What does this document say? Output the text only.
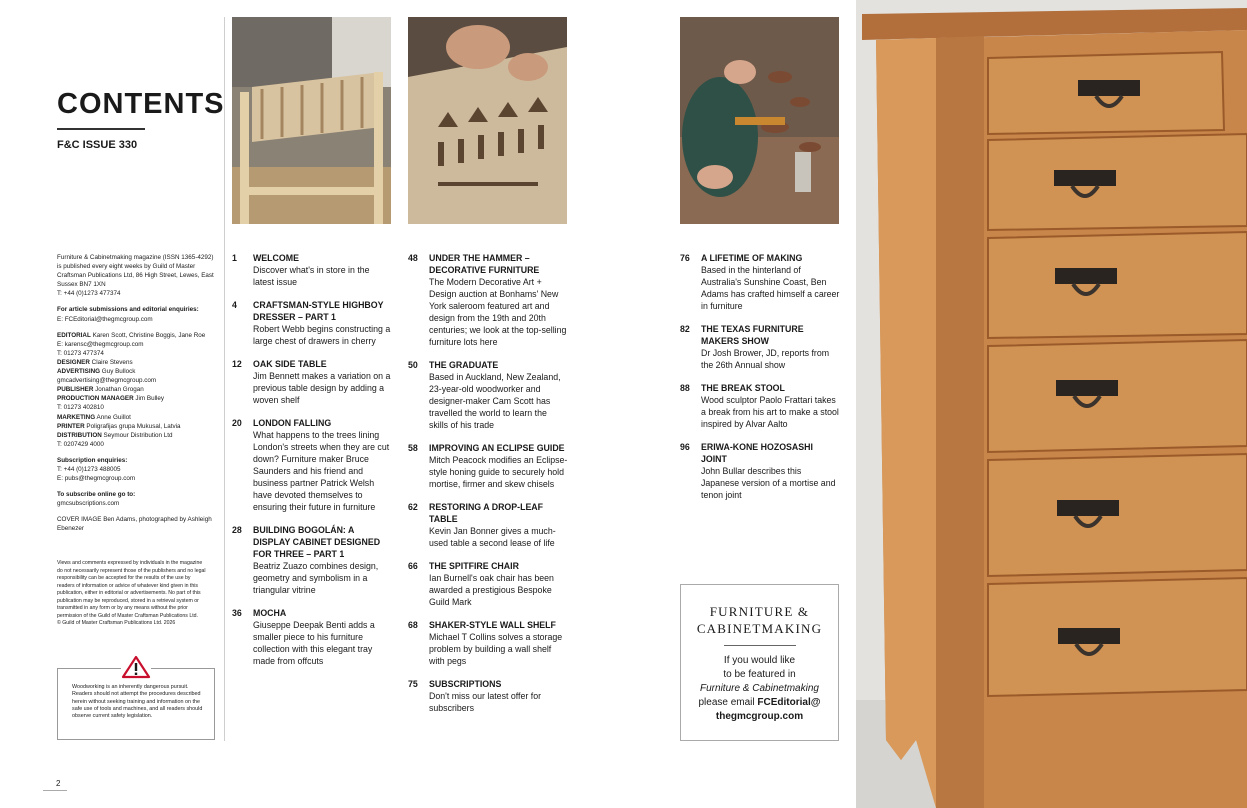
CONTENTS
F&C ISSUE 330

Furniture & Cabinetmaking magazine (ISSN 1365-4292) is published every eight weeks by Guild of Master Craftsman Publications Ltd, 86 High Street, Lewes, East Sussex BN7 1XN
T: +44 (0)1273 477374

For article submissions and editorial enquiries:
E: FCEditorial@thegmcgroup.com

EDITORIAL Karen Scott, Christine Boggis, Jane Roe
E: karensc@thegmcgroup.com
T: 01273 477374
DESIGNER Claire Stevens
ADVERTISING Guy Bullock
gmcadvertising@thegmcgroup.com
PUBLISHER Jonathan Grogan
PRODUCTION MANAGER Jim Bulley
T: 01273 402810
MARKETING Anne Guillot
PRINTER Poligrafijas grupa Mukusal, Latvia
DISTRIBUTION Seymour Distribution Ltd
T: 0207429 4000

Subscription enquiries:
T: +44 (0)1273 488005
E: pubs@thegmcgroup.com

To subscribe online go to:
gmcsubscriptions.com

COVER IMAGE Ben Adams, photographed by Ashleigh Ebenezer

Views and comments expressed by individuals in the magazine do not necessarily represent those of the publishers and no legal responsibility can be accepted for the results of the use by readers of information or advice of whatever kind given in this publication, either in editorial or advertisements. No part of this publication may be reproduced, stored in a retrieval system or transmitted in any form or by any means without the prior permission of the Guild of Master Craftsman Publications Ltd.
© Guild of Master Craftsman Publications Ltd. 2026
Woodworking is an inherently dangerous pursuit. Readers should not attempt the procedures described herein without seeking training and information on the safe use of tools and machines, and all readers should observe current safety legislation.
2
1	WELCOME
Discover what's in store in the latest issue
4	CRAFTSMAN-STYLE HIGHBOY DRESSER – PART 1
Robert Webb begins constructing a large chest of drawers in cherry
12	OAK SIDE TABLE
Jim Bennett makes a variation on a previous table design by adding a woven shelf
20	LONDON FALLING
What happens to the trees lining London's streets when they are cut down? Furniture maker Bruce Saunders and his friend and business partner Patrick Welsh have devoted themselves to ensuring their future in furniture
28	BUILDING BOGOLÁN: A DISPLAY CABINET DESIGNED FOR THREE – PART 1
Beatriz Zuazo combines design, geometry and symbolism in a triangular vitrine
36	MOCHA
Giuseppe Deepak Benti adds a smaller piece to his furniture collection with this elegant tray made from offcuts
48	UNDER THE HAMMER – DECORATIVE FURNITURE
The Modern Decorative Art + Design auction at Bonhams' New York saleroom featured art and design from the 19th and 20th centuries; we look at the top-selling furniture lots here
50	THE GRADUATE
Based in Auckland, New Zealand, 23-year-old woodworker and designer-maker Cam Scott has travelled the world to learn the skills of his trade
58	IMPROVING AN ECLIPSE GUIDE
Mitch Peacock modifies an Eclipse-style honing guide to securely hold mortise, firmer and skew chisels
62	RESTORING A DROP-LEAF TABLE
Kevin Jan Bonner gives a much-used table a second lease of life
66	THE SPITFIRE CHAIR
Ian Burnell's oak chair has been awarded a prestigious Bespoke Guild Mark
68	SHAKER-STYLE WALL SHELF
Michael T Collins solves a storage problem by building a wall shelf with pegs
75	SUBSCRIPTIONS
Don't miss our latest offer for subscribers
76	A LIFETIME OF MAKING
Based in the hinterland of Australia's Sunshine Coast, Ben Adams has crafted himself a career in furniture
82	THE TEXAS FURNITURE MAKERS SHOW
Dr Josh Brower, JD, reports from the 26th Annual show
88	THE BREAK STOOL
Wood sculptor Paolo Frattari takes a break from his art to make a stool inspired by Alvar Aalto
96	ERIWA-KONE HOZOSASHI JOINT
John Bullar describes this Japanese version of a mortise and tenon joint
FURNITURE &
CABINETMAKING
If you would like
to be featured in
Furniture & Cabinetmaking
please email FCEditorial@
thegmcgroup.com
